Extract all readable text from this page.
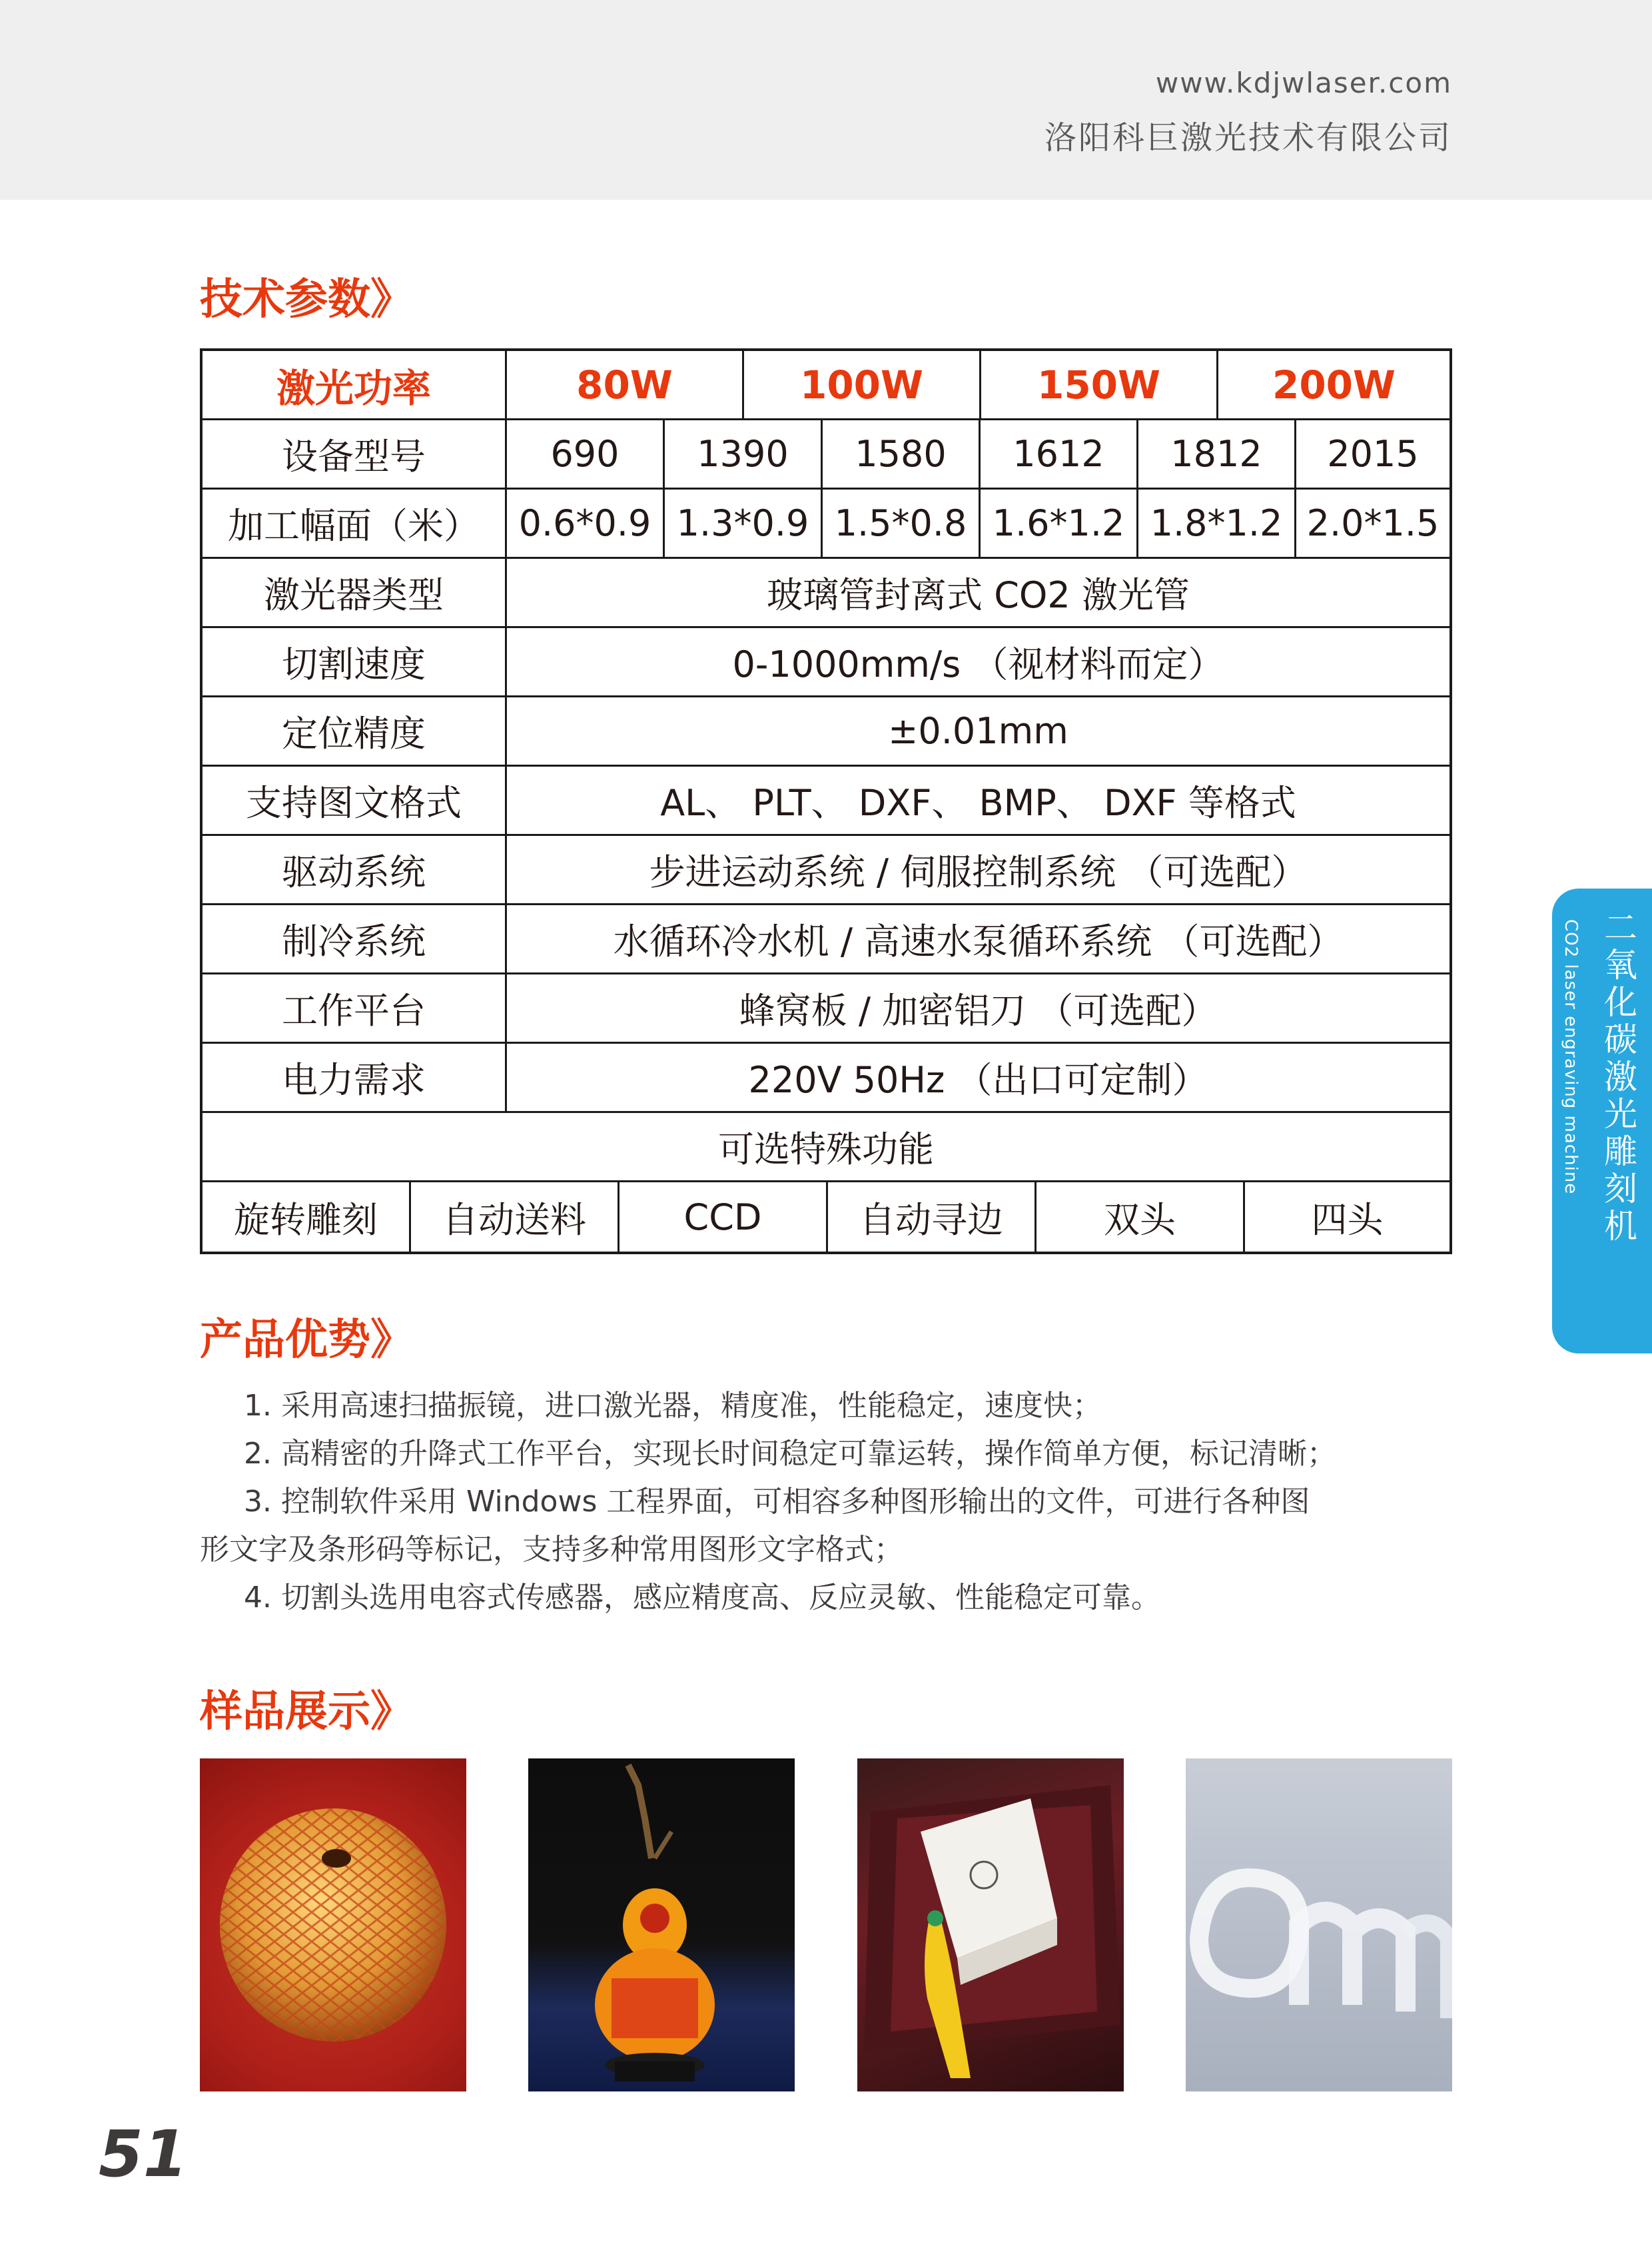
www.kdjwlaser.com
洛阳科巨激光技术有限公司
技术参数》
激光功率	80W	100W	150W	200W
设备型号	690	1390	1580	1612	1812	2015
加工幅面（米）	0.6*0.9 1.3*0.9 1.5*0.8 1.6*1.2 1.8*1.2 2.0*1.5
激光器类型	玻璃管封离式 CO2 激光管
切割速度	0-1000mm/s （视材料而定）
定位精度	±0.01mm
支持图文格式	AL、 PLT、 DXF、 BMP、 DXF 等格式
驱动系统	步进运动系统 / 伺服控制系统 （可选配）
制冷系统	水循环冷水机 / 高速水泵循环系统 （可选配）
工作平台	蜂窝板 / 加密铝刀 （可选配）
电力需求	220V 50Hz （出口可定制）
可选特殊功能
旋转雕刻	自动送料	CCD	自动寻边	双头	四头
产品优势》
1. 采用高速扫描振镜，进口激光器，精度准，性能稳定，速度快；
2. 高精密的升降式工作平台，实现长时间稳定可靠运转，操作简单方便，标记清晰；
3. 控制软件采用 Windows 工程界面，可相容多种图形输出的文件，可进行各种图
形文字及条形码等标记，支持多种常用图形文字格式；
4. 切割头选用电容式传感器，感应精度高、反应灵敏、性能稳定可靠。
样品展示》
二氧化碳激光雕刻机
CO2 laser engraving machine
51
